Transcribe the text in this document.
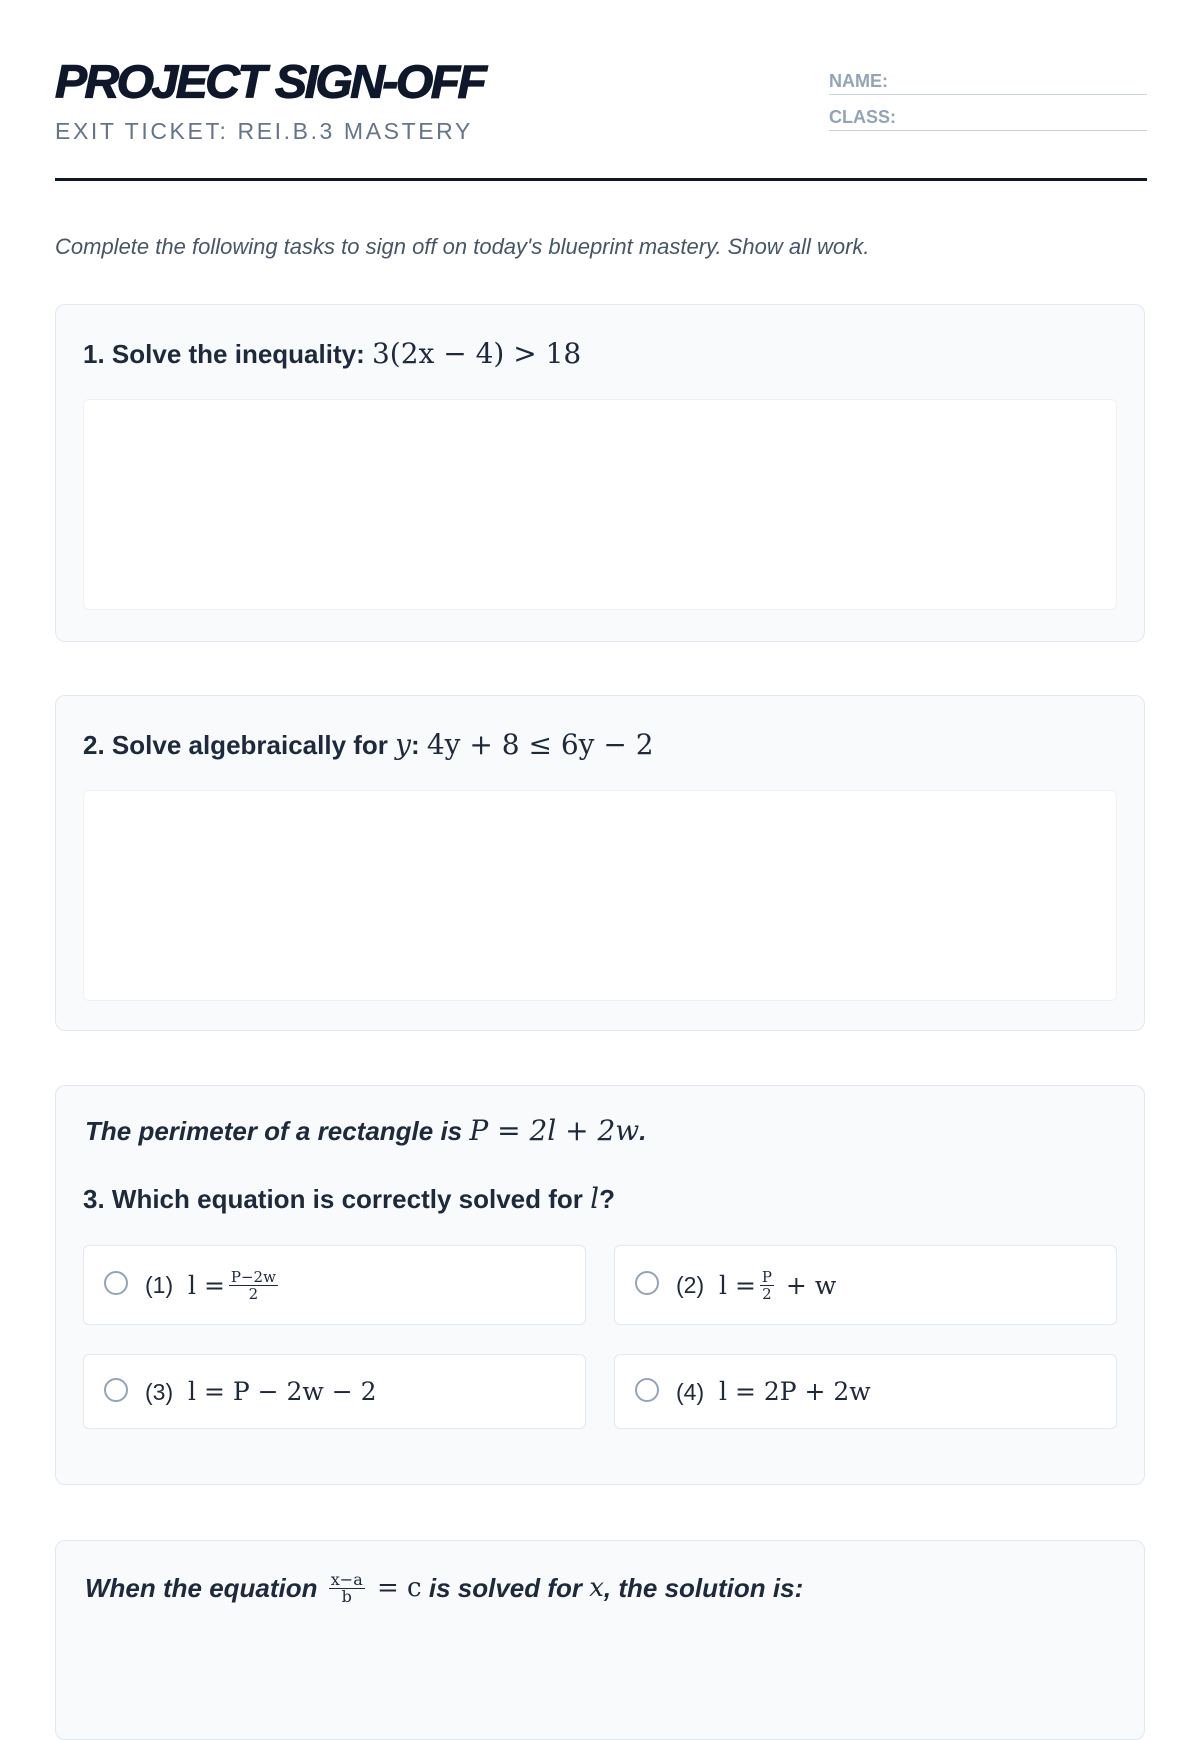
PROJECT SIGN-OFF
EXIT TICKET: REI.B.3 MASTERY
NAME:
CLASS:
Complete the following tasks to sign off on today's blueprint mastery. Show all work.
1. Solve the inequality: 3(2x − 4) > 18
2. Solve algebraically for y: 4y + 8 ≤ 6y − 2
The perimeter of a rectangle is P = 2l + 2w.
3. Which equation is correctly solved for l?
(1) $l = \frac{P-2w}{2}$	(2) $l = \frac{P}{2} + w$
(3) l = P − 2w − 2	(4) l = 2P + 2w
When the equation $\frac{x-a}{b} = c$ is solved for x , the solution is:
